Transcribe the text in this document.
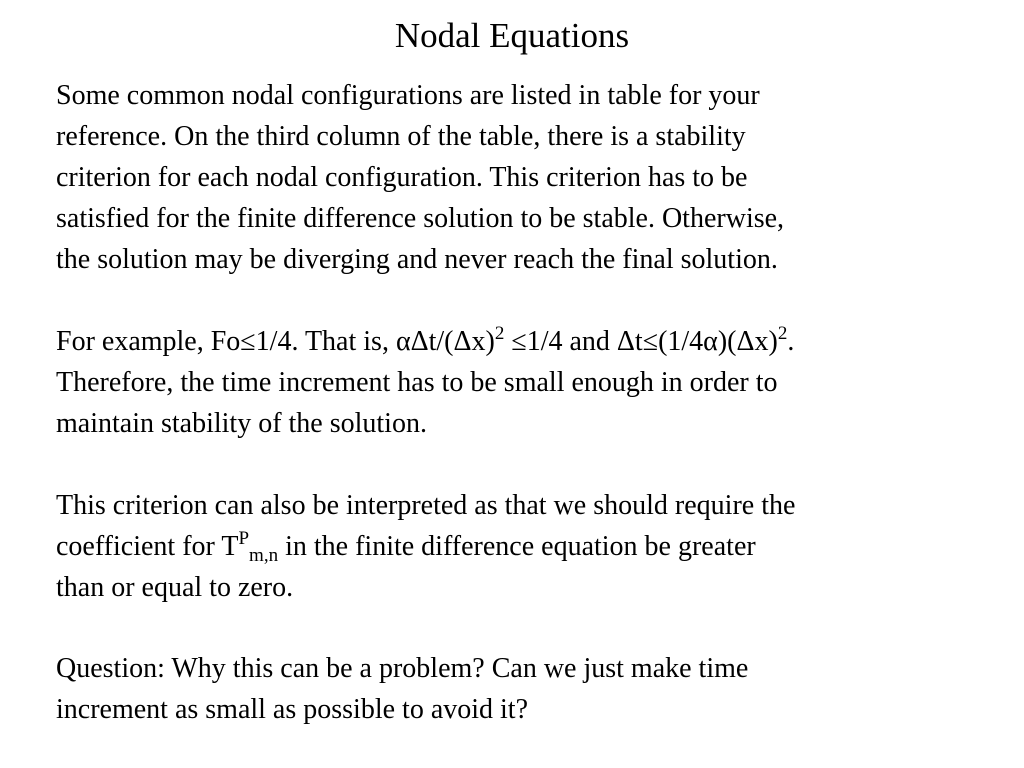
Nodal Equations

Some common nodal configurations are listed in table for your
reference. On the third column of the table, there is a stability
criterion for each nodal configuration. This criterion has to be
satisfied for the finite difference solution to be stable. Otherwise,
the solution may be diverging and never reach the final solution.

For example, Fo≤1/4. That is, αΔt/$(\Delta x)^2 \le 1/4$ and $\Delta t\le(1/4\alpha)(\Delta x)^2$.
Therefore, the time increment has to be small enough in order to
maintain stability of the solution.

This criterion can also be interpreted as that we should require the
coefficient for $T^P_{m,n}$ in the finite difference equation be greater
than or equal to zero.

Question: Why this can be a problem? Can we just make time
increment as small as possible to avoid it?
